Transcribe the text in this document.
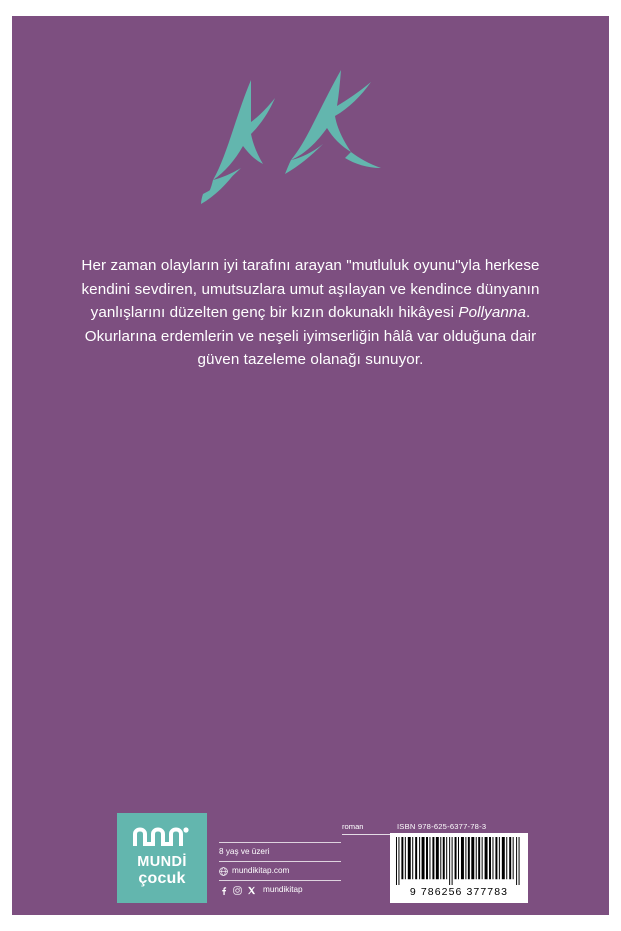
Her zaman olayların iyi tarafını arayan "mutluluk oyunu"yla herkese kendini sevdiren, umutsuzlara umut aşılayan ve kendince dünyanın yanlışlarını düzelten genç bir kızın dokunaklı hikâyesi Pollyanna. Okurlarına erdemlerin ve neşeli iyimserliğin hâlâ var olduğuna dair güven tazeleme olanağı sunuyor.
MUNDİ
çocuk
8 yaş ve üzeri
mundikitap.com
mundikitap
roman	ISBN 978-625-6377-78-3
9 786256 377783
